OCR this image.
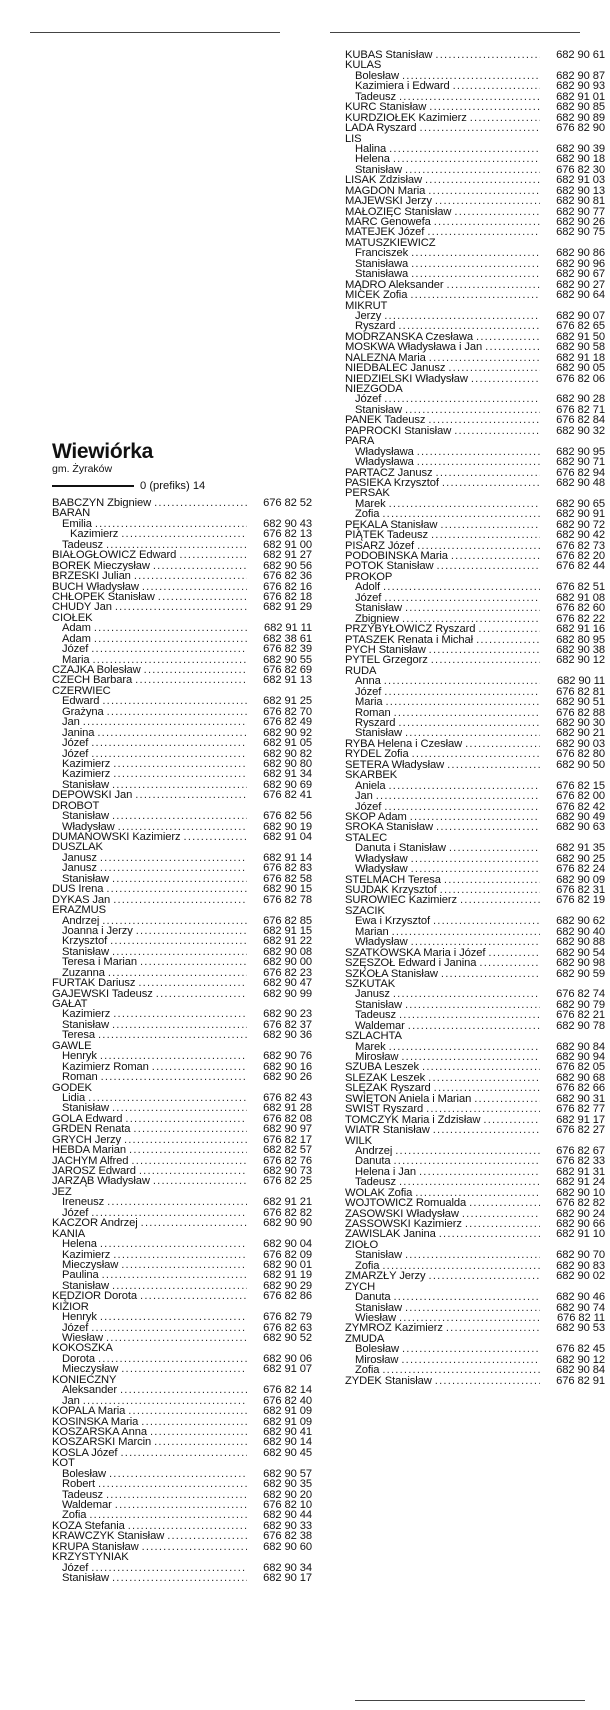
Wiewiórka
gm. Żyraków
0 (prefiks) 14
BABCZYN Zbigniew .....	676 82 52
BARAN
Emilia .....	682 90 43
Kazimierz .....	676 82 13
Tadeusz .....	682 91 00
BIAŁOGŁOWICZ Edward .....	682 91 27
BOREK Mieczysław .....	682 90 56
BRZESKI Julian .....	676 82 36
BUCH Władysław .....	676 82 16
CHŁOPEK Stanisław .....	676 82 18
CHUDY Jan .....	682 91 29
CIOŁEK
Adam .....	682 91 11
Adam .....	682 38 61
Józef .....	676 82 39
Maria .....	682 90 55
CZAJKA Bolesław .....	676 82 69
CZECH Barbara .....	682 91 13
CZERWIEC
Edward .....	682 91 25
Grażyna .....	676 82 70
Jan .....	676 82 49
Janina .....	682 90 92
Józef .....	682 91 05
Józef .....	682 90 82
Kazimierz .....	682 90 80
Kazimierz .....	682 91 34
Stanisław .....	682 90 69
DEPOWSKI Jan .....	676 82 41
DROBOT
Stanisław .....	676 82 56
Władysław .....	682 90 19
DUMANOWSKI Kazimierz .....	682 91 04
DUSZLAK
Janusz .....	682 91 14
Janusz .....	676 82 83
Stanisław .....	676 82 58
DUŚ Irena .....	682 90 15
DYKAS Jan .....	676 82 78
ERAZMUS
Andrzej .....	676 82 85
Joanna i Jerzy .....	682 91 15
Krzysztof .....	682 91 22
Stanisław .....	682 90 08
Teresa i Marian .....	682 90 00
Zuzanna .....	676 82 23
FURTAK Dariusz .....	682 90 47
GAJEWSKI Tadeusz .....	682 90 99
GAŁAT
Kazimierz .....	682 90 23
Stanisław .....	676 82 37
Teresa .....	682 90 36
GAWLE
Henryk .....	682 90 76
Kazimierz Roman .....	682 90 16
Roman .....	682 90 26
GODEK
Lidia .....	676 82 43
Stanisław .....	682 91 28
GOLA Edward .....	676 82 08
GRDEŃ Renata .....	682 90 97
GRYCH Jerzy .....	676 82 17
HEBDA Marian .....	682 82 57
JACHYM Alfred .....	676 82 76
JAROSZ Edward .....	682 90 73
JARZĄB Władysław .....	676 82 25
JEŻ
Ireneusz .....	682 91 21
Józef .....	676 82 82
KACZOR Andrzej .....	682 90 90
KANIA
Helena .....	682 90 04
Kazimierz .....	676 82 09
Mieczysław .....	682 90 01
Paulina .....	682 91 19
Stanisław .....	682 90 29
KĘDZIOR Dorota .....	676 82 86
KIZIOR
Henryk .....	676 82 79
Józef .....	676 82 63
Wiesław .....	682 90 52
KOKOSZKA
Dorota .....	682 90 06
Mieczysław .....	682 91 07
KONIECZNY
Aleksander .....	676 82 14
Jan .....	676 82 40
KOPALA Maria .....	682 91 09
KOSIŃSKA Maria .....	682 91 09
KOSZARSKA Anna .....	682 90 41
KOSZARSKI Marcin .....	682 90 14
KOŚLA Józef .....	682 90 45
KOT
Bolesław .....	682 90 57
Robert .....	682 90 35
Tadeusz .....	682 90 20
Waldemar .....	676 82 10
Zofia .....	682 90 44
KOZA Stefania .....	682 90 33
KRAWCZYK Stanisław .....	676 82 38
KRUPA Stanisław .....	682 90 60
KRZYSTYNIAK
Józef .....	682 90 34
Stanisław .....	682 90 17
KUBAS Stanisław .....	682 90 61
KULAS
Bolesław .....	682 90 87
Kazimiera i Edward .....	682 90 93
Tadeusz .....	682 91 01
KURC Stanisław .....	682 90 85
KURDZIOŁEK Kazimierz .....	682 90 89
LADA Ryszard .....	676 82 90
LIS
Halina .....	682 90 39
Helena .....	682 90 18
Stanisław .....	676 82 30
LISAK Zdzisław .....	682 91 03
MAGDOŃ Maria .....	682 90 13
MAJEWSKI Jerzy .....	682 90 81
MAŁOZIĘĆ Stanisław .....	682 90 77
MARĆ Genowefa .....	682 90 26
MATEJEK Józef .....	682 90 75
MATUSZKIEWICZ
Franciszek .....	682 90 86
Stanisława .....	682 90 96
Stanisława .....	682 90 67
MĄDRO Aleksander .....	682 90 27
MICEK Zofia .....	682 90 64
MIKRUT
Jerzy .....	682 90 07
Ryszard .....	676 82 65
MODRZAŃSKA Czesława .....	682 91 50
MOSKWA Władysława i Jan .....	682 90 58
NALEŻNA Maria .....	682 91 18
NIEDBALEC Janusz .....	682 90 05
NIEDZIELSKI Władysław .....	676 82 06
NIEZGODA
Józef .....	682 90 28
Stanisław .....	676 82 71
PANEK Tadeusz .....	676 82 84
PAPROCKI Stanisław .....	682 90 32
PARA
Władysława .....	682 90 95
Władysława .....	682 90 71
PARTACZ Janusz .....	676 82 94
PASIEKA Krzysztof .....	682 90 48
PERSAK
Marek .....	682 90 65
Zofia .....	682 90 91
PĘKALA Stanisław .....	682 90 72
PIĄTEK Tadeusz .....	682 90 42
PISARZ Józef .....	676 82 73
PODOBIŃSKA Maria .....	676 82 20
POTOK Stanisław .....	676 82 44
PROKOP
Adolf .....	676 82 51
Józef .....	682 91 08
Stanisław .....	676 82 60
Zbigniew .....	676 82 22
PRZYBYŁOWICZ Ryszard .....	682 91 16
PTASZEK Renata i Michał .....	682 80 95
PYCH Stanisław .....	682 90 38
PYTEL Grzegorz .....	682 90 12
RUDA
Anna .....	682 90 11
Józef .....	676 82 81
Maria .....	682 90 51
Roman .....	676 82 88
Ryszard .....	682 90 30
Stanisław .....	682 90 21
RYBA Helena i Czesław .....	682 90 03
RYDEL Zofia .....	676 82 80
SETERA Władysław .....	682 90 50
SKARBEK
Aniela .....	676 82 15
Jan .....	676 82 00
Józef .....	676 82 42
SKOP Adam .....	682 90 49
SROKA Stanisław .....	682 90 63
STALEC
Danuta i Stanisław .....	682 91 35
Władysław .....	682 90 25
Władysław .....	676 82 24
STELMACH Teresa .....	682 90 09
SUJDAK Krzysztof .....	676 82 31
SUROWIEC Kazimierz .....	676 82 19
SZACIK
Ewa i Krzysztof .....	682 90 62
Marian .....	682 90 40
Władysław .....	682 90 88
SZATKOWSKA Maria i Józef .....	682 90 54
SZĘSZOŁ Edward i Janina .....	682 90 98
SZKOŁA Stanisław .....	682 90 59
SZKUTAK
Janusz .....	676 82 74
Stanisław .....	682 90 79
Tadeusz .....	676 82 21
Waldemar .....	682 90 78
SZLACHTA
Marek .....	682 90 84
Mirosław .....	682 90 94
SZUBA Leszek .....	676 82 05
ŚLEZAK Leszek .....	682 90 68
ŚLĘZAK Ryszard .....	676 82 66
ŚWIĘTOŃ Aniela i Marian .....	682 90 31
ŚWIST Ryszard .....	676 82 77
TOMCZYK Maria i Zdzisław .....	682 91 17
WIATR Stanisław .....	676 82 27
WILK
Andrzej .....	676 82 67
Danuta .....	676 82 33
Helena i Jan .....	682 91 31
Tadeusz .....	682 91 24
WOLAK Zofia .....	682 90 10
WÓJTOWICZ Romualda .....	676 82 82
ZASOWSKI Władysław .....	682 90 24
ZASSOWSKI Kazimierz .....	682 90 66
ZAWIŚLAK Janina .....	682 91 10
ZIOŁO
Stanisław .....	682 90 70
Zofia .....	682 90 83
ZMARZŁY Jerzy .....	682 90 02
ZYCH
Danuta .....	682 90 46
Stanisław .....	682 90 74
Wiesław .....	676 82 11
ZYMRÓZ Kazimierz .....	682 90 53
ŻMUDA
Bolesław .....	676 82 45
Mirosław .....	682 90 12
Zofia .....	682 90 84
ŻYDEK Stanisław .....	676 82 91
